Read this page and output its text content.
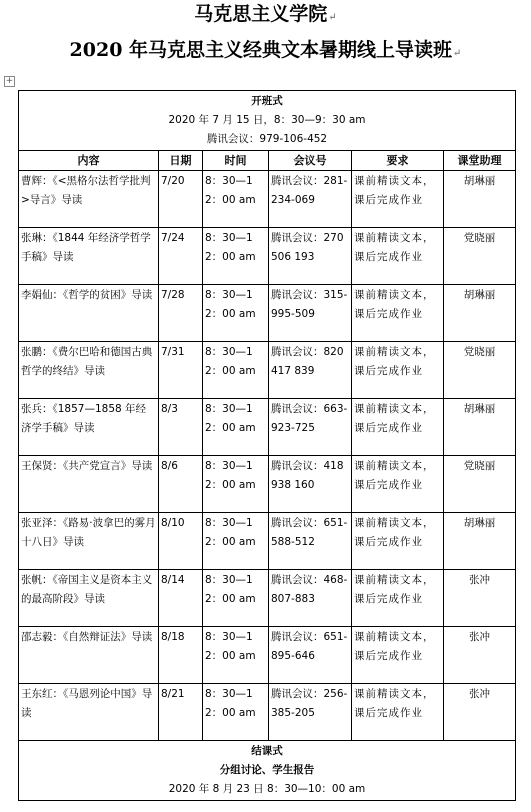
马克思主义学院↵
2020 年马克思主义经典文本暑期线上导读班↵
+
开班式
2020 年 7 月 15 日，8：30—9：30 am
腾讯会议：979-106-452					

内容	日期	时间	会议号	要求	课堂助理
曹辉：《<黑格尔法哲学批判>导言》导读	7/20	8：30—12：00 am	腾讯会议：281-234-069	课前精读文本，课后完成作业	胡琳丽
张琳：《1844 年经济学哲学手稿》导读	7/24	8：30—12：00 am	腾讯会议：270 506 193	课前精读文本，课后完成作业	党晓丽
李娟仙：《哲学的贫困》导读	7/28	8：30—12：00 am	腾讯会议：315-995-509	课前精读文本，课后完成作业	胡琳丽
张鹏：《费尔巴哈和德国古典哲学的终结》导读	7/31	8：30—12：00 am	腾讯会议：820 417 839	课前精读文本，课后完成作业	党晓丽
张兵：《1857—1858 年经济学手稿》导读	8/3	8：30—12：00 am	腾讯会议：663-923-725	课前精读文本，课后完成作业	胡琳丽
王保贤：《共产党宣言》导读	8/6	8：30—12：00 am	腾讯会议：418 938 160	课前精读文本，课后完成作业	党晓丽
张亚泽：《路易·波拿巴的雾月十八日》导读	8/10	8：30—12：00 am	腾讯会议：651-588-512	课前精读文本，课后完成作业	胡琳丽
张帆：《帝国主义是资本主义的最高阶段》导读	8/14	8：30—12：00 am	腾讯会议：468-807-883	课前精读文本，课后完成作业	张冲
邵志毅：《自然辩证法》导读	8/18	8：30—12：00 am	腾讯会议：651-895-646	课前精读文本，课后完成作业	张冲
王东红：《马恩列论中国》导读	8/21	8：30—12：00 am	腾讯会议：256-385-205	课前精读文本，课后完成作业	张冲

结课式
分组讨论、学生报告
2020 年 8 月 23 日 8：30—10：00 am					
